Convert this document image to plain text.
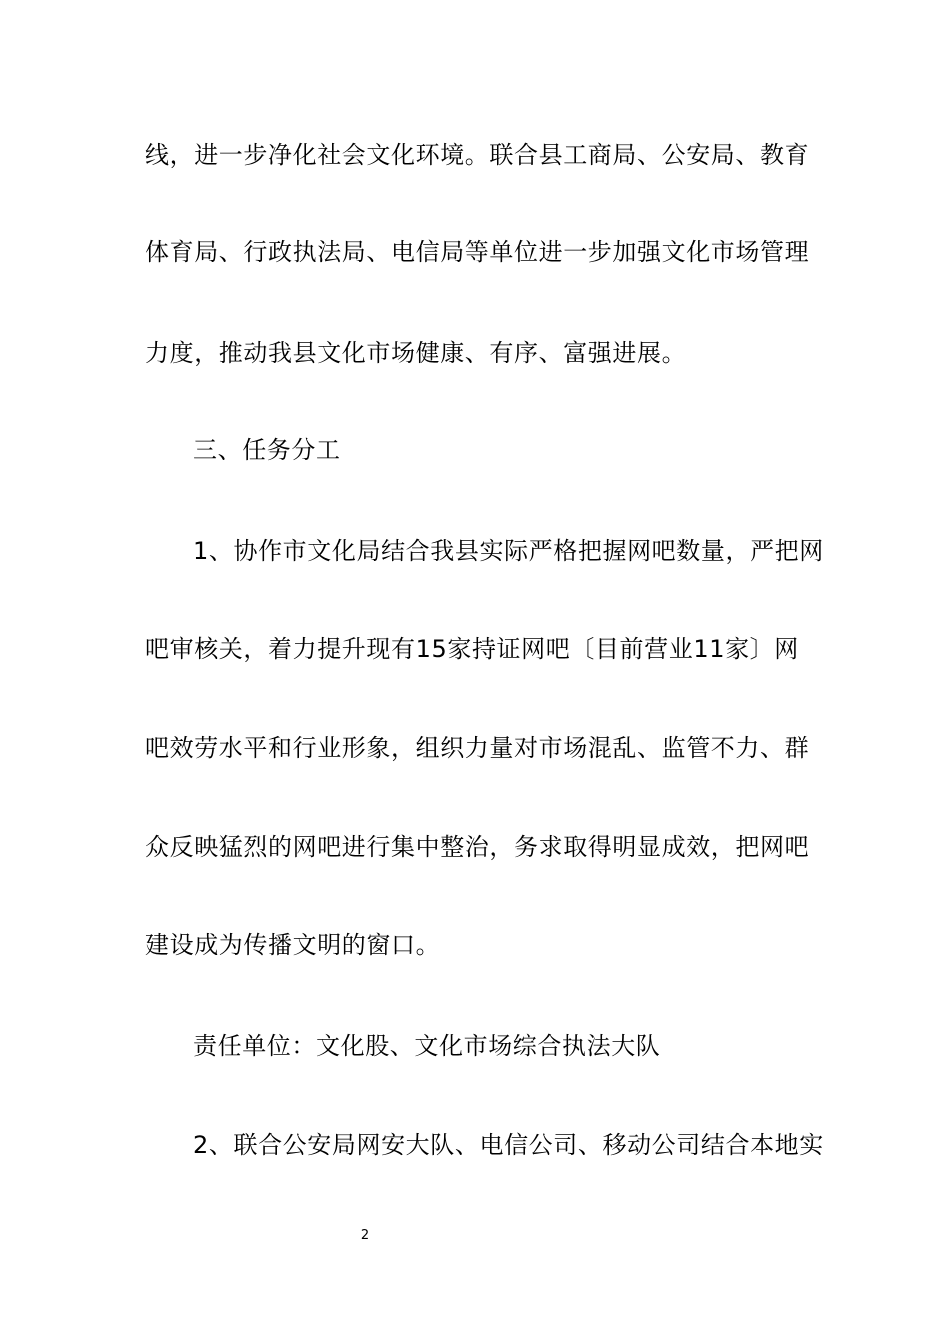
线，进一步净化社会文化环境。联合县工商局、公安局、教育
体育局、行政执法局、电信局等单位进一步加强文化市场管理
力度，推动我县文化市场健康、有序、富强进展。
三、任务分工
1、协作市文化局结合我县实际严格把握网吧数量，严把网
吧审核关，着力提升现有15家持证网吧〔目前营业11家〕网
吧效劳水平和行业形象，组织力量对市场混乱、监管不力、群
众反映猛烈的网吧进行集中整治，务求取得明显成效，把网吧
建设成为传播文明的窗口。
责任单位：文化股、文化市场综合执法大队
2、联合公安局网安大队、电信公司、移动公司结合本地实
2
